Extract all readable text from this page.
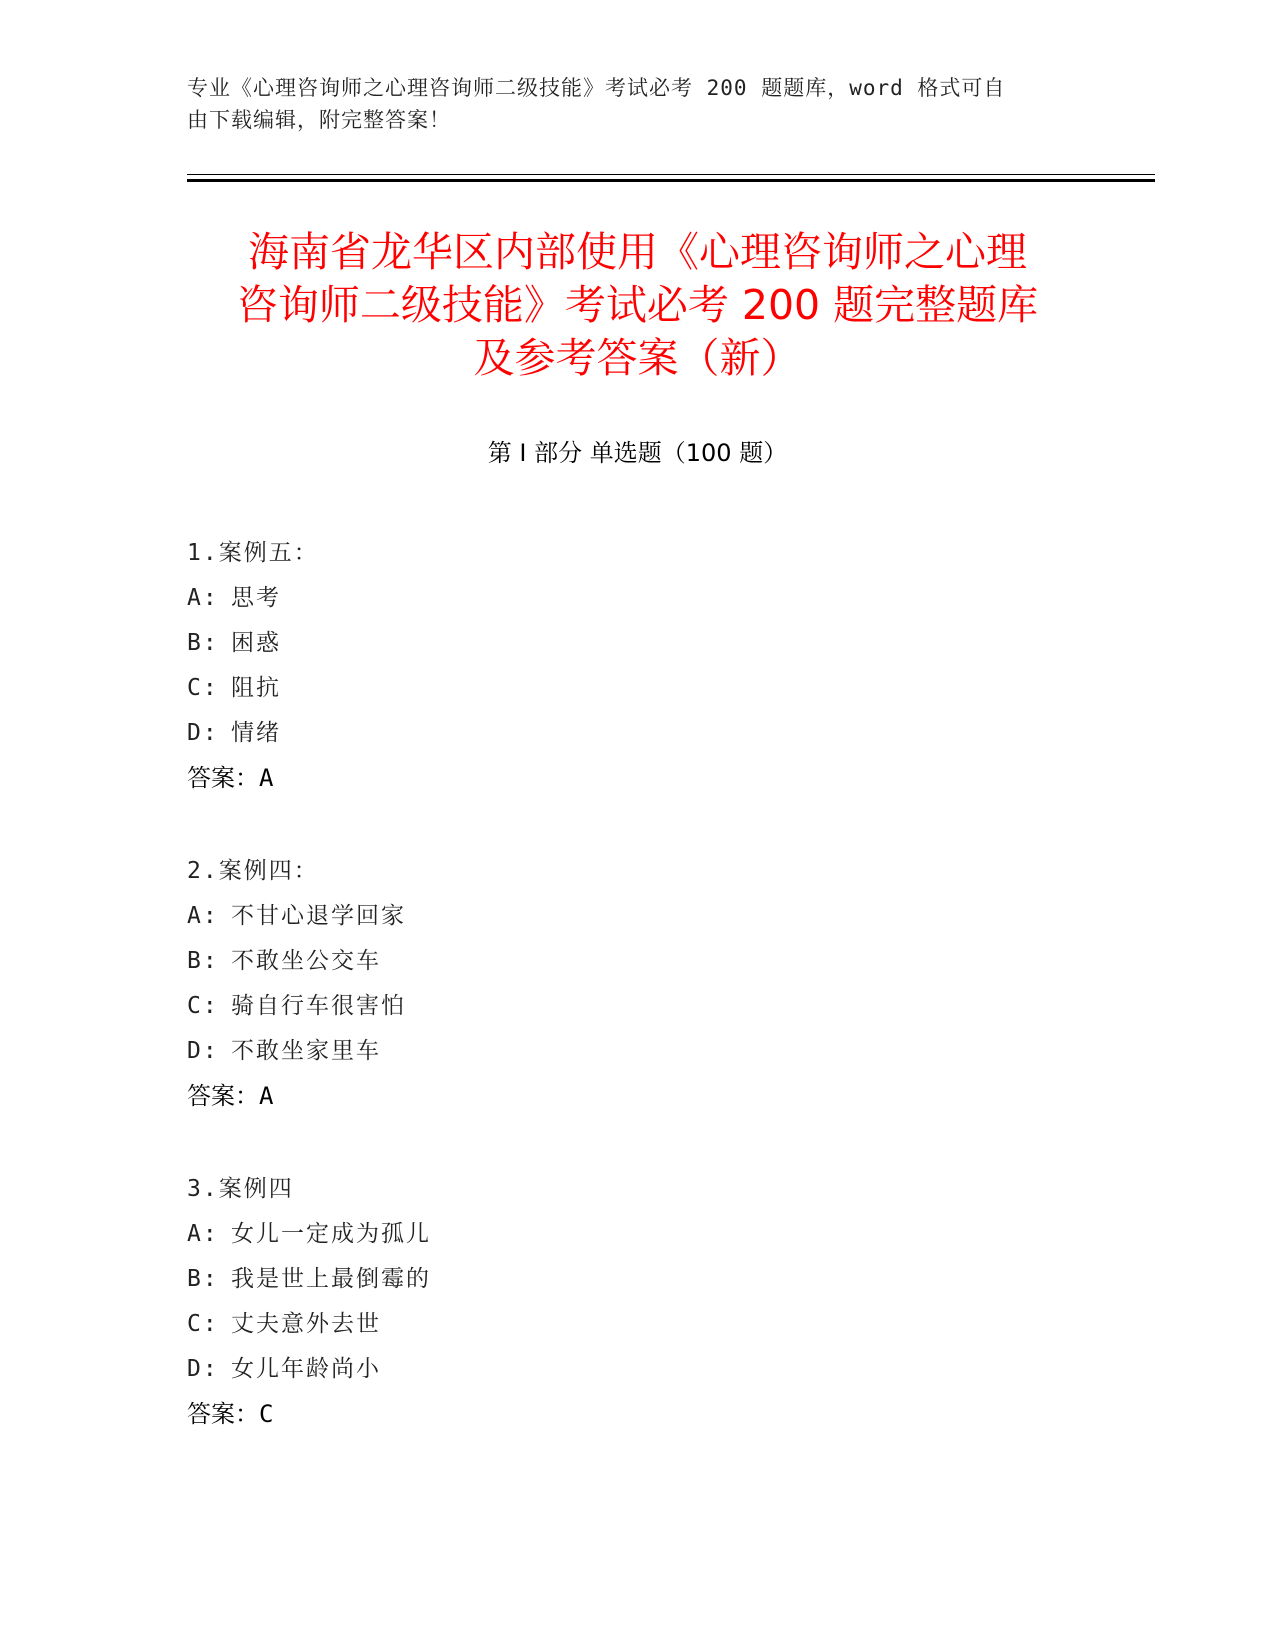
专业《心理咨询师之心理咨询师二级技能》考试必考 200 题题库，word 格式可自
由下载编辑，附完整答案！
海南省龙华区内部使用《心理咨询师之心理
咨询师二级技能》考试必考 200 题完整题库
及参考答案（新）
第 I 部分 单选题（100 题）
1.案例五：
A: 思考
B: 困惑
C: 阻抗
D: 情绪
答案：A
2.案例四：
A: 不甘心退学回家
B: 不敢坐公交车
C: 骑自行车很害怕
D: 不敢坐家里车
答案：A
3.案例四
A: 女儿一定成为孤儿
B: 我是世上最倒霉的
C: 丈夫意外去世
D: 女儿年龄尚小
答案：C
